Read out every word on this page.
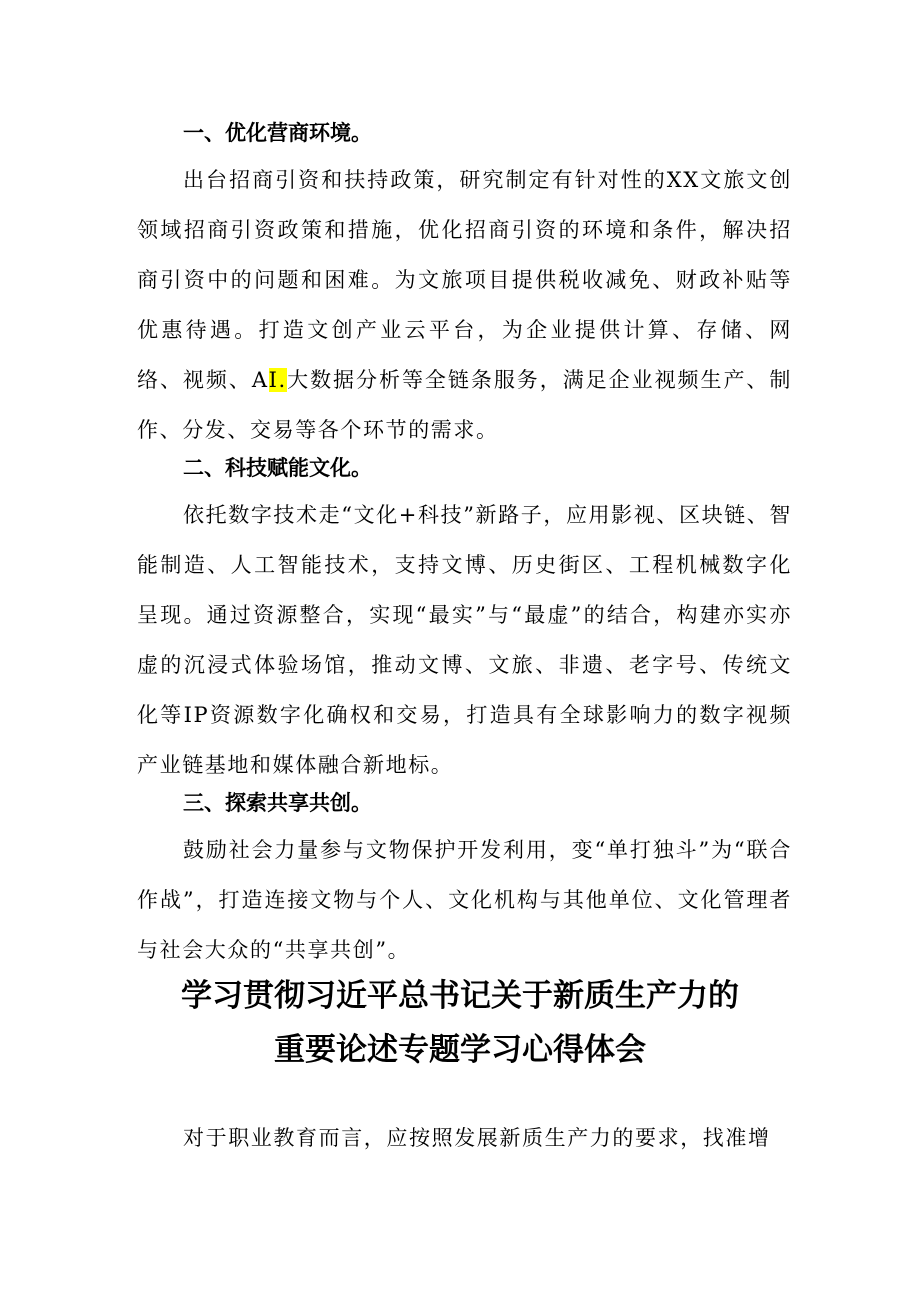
一、优化营商环境。

出台招商引资和扶持政策，研究制定有针对性的XX文旅文创领域招商引资政策和措施，优化招商引资的环境和条件，解决招商引资中的问题和困难。为文旅项目提供税收减免、财政补贴等优惠待遇。打造文创产业云平台，为企业提供计算、存储、网络、视频、AI.大数据分析等全链条服务，满足企业视频生产、制作、分发、交易等各个环节的需求。

二、科技赋能文化。

依托数字技术走“文化+科技”新路子，应用影视、区块链、智能制造、人工智能技术，支持文博、历史街区、工程机械数字化呈现。通过资源整合，实现“最实”与“最虚”的结合，构建亦实亦虚的沉浸式体验场馆，推动文博、文旅、非遗、老字号、传统文化等IP资源数字化确权和交易，打造具有全球影响力的数字视频产业链基地和媒体融合新地标。

三、探索共享共创。

鼓励社会力量参与文物保护开发利用，变“单打独斗”为“联合作战”，打造连接文物与个人、文化机构与其他单位、文化管理者与社会大众的“共享共创”。

学习贯彻习近平总书记关于新质生产力的
重要论述专题学习心得体会

对于职业教育而言，应按照发展新质生产力的要求，找准增
